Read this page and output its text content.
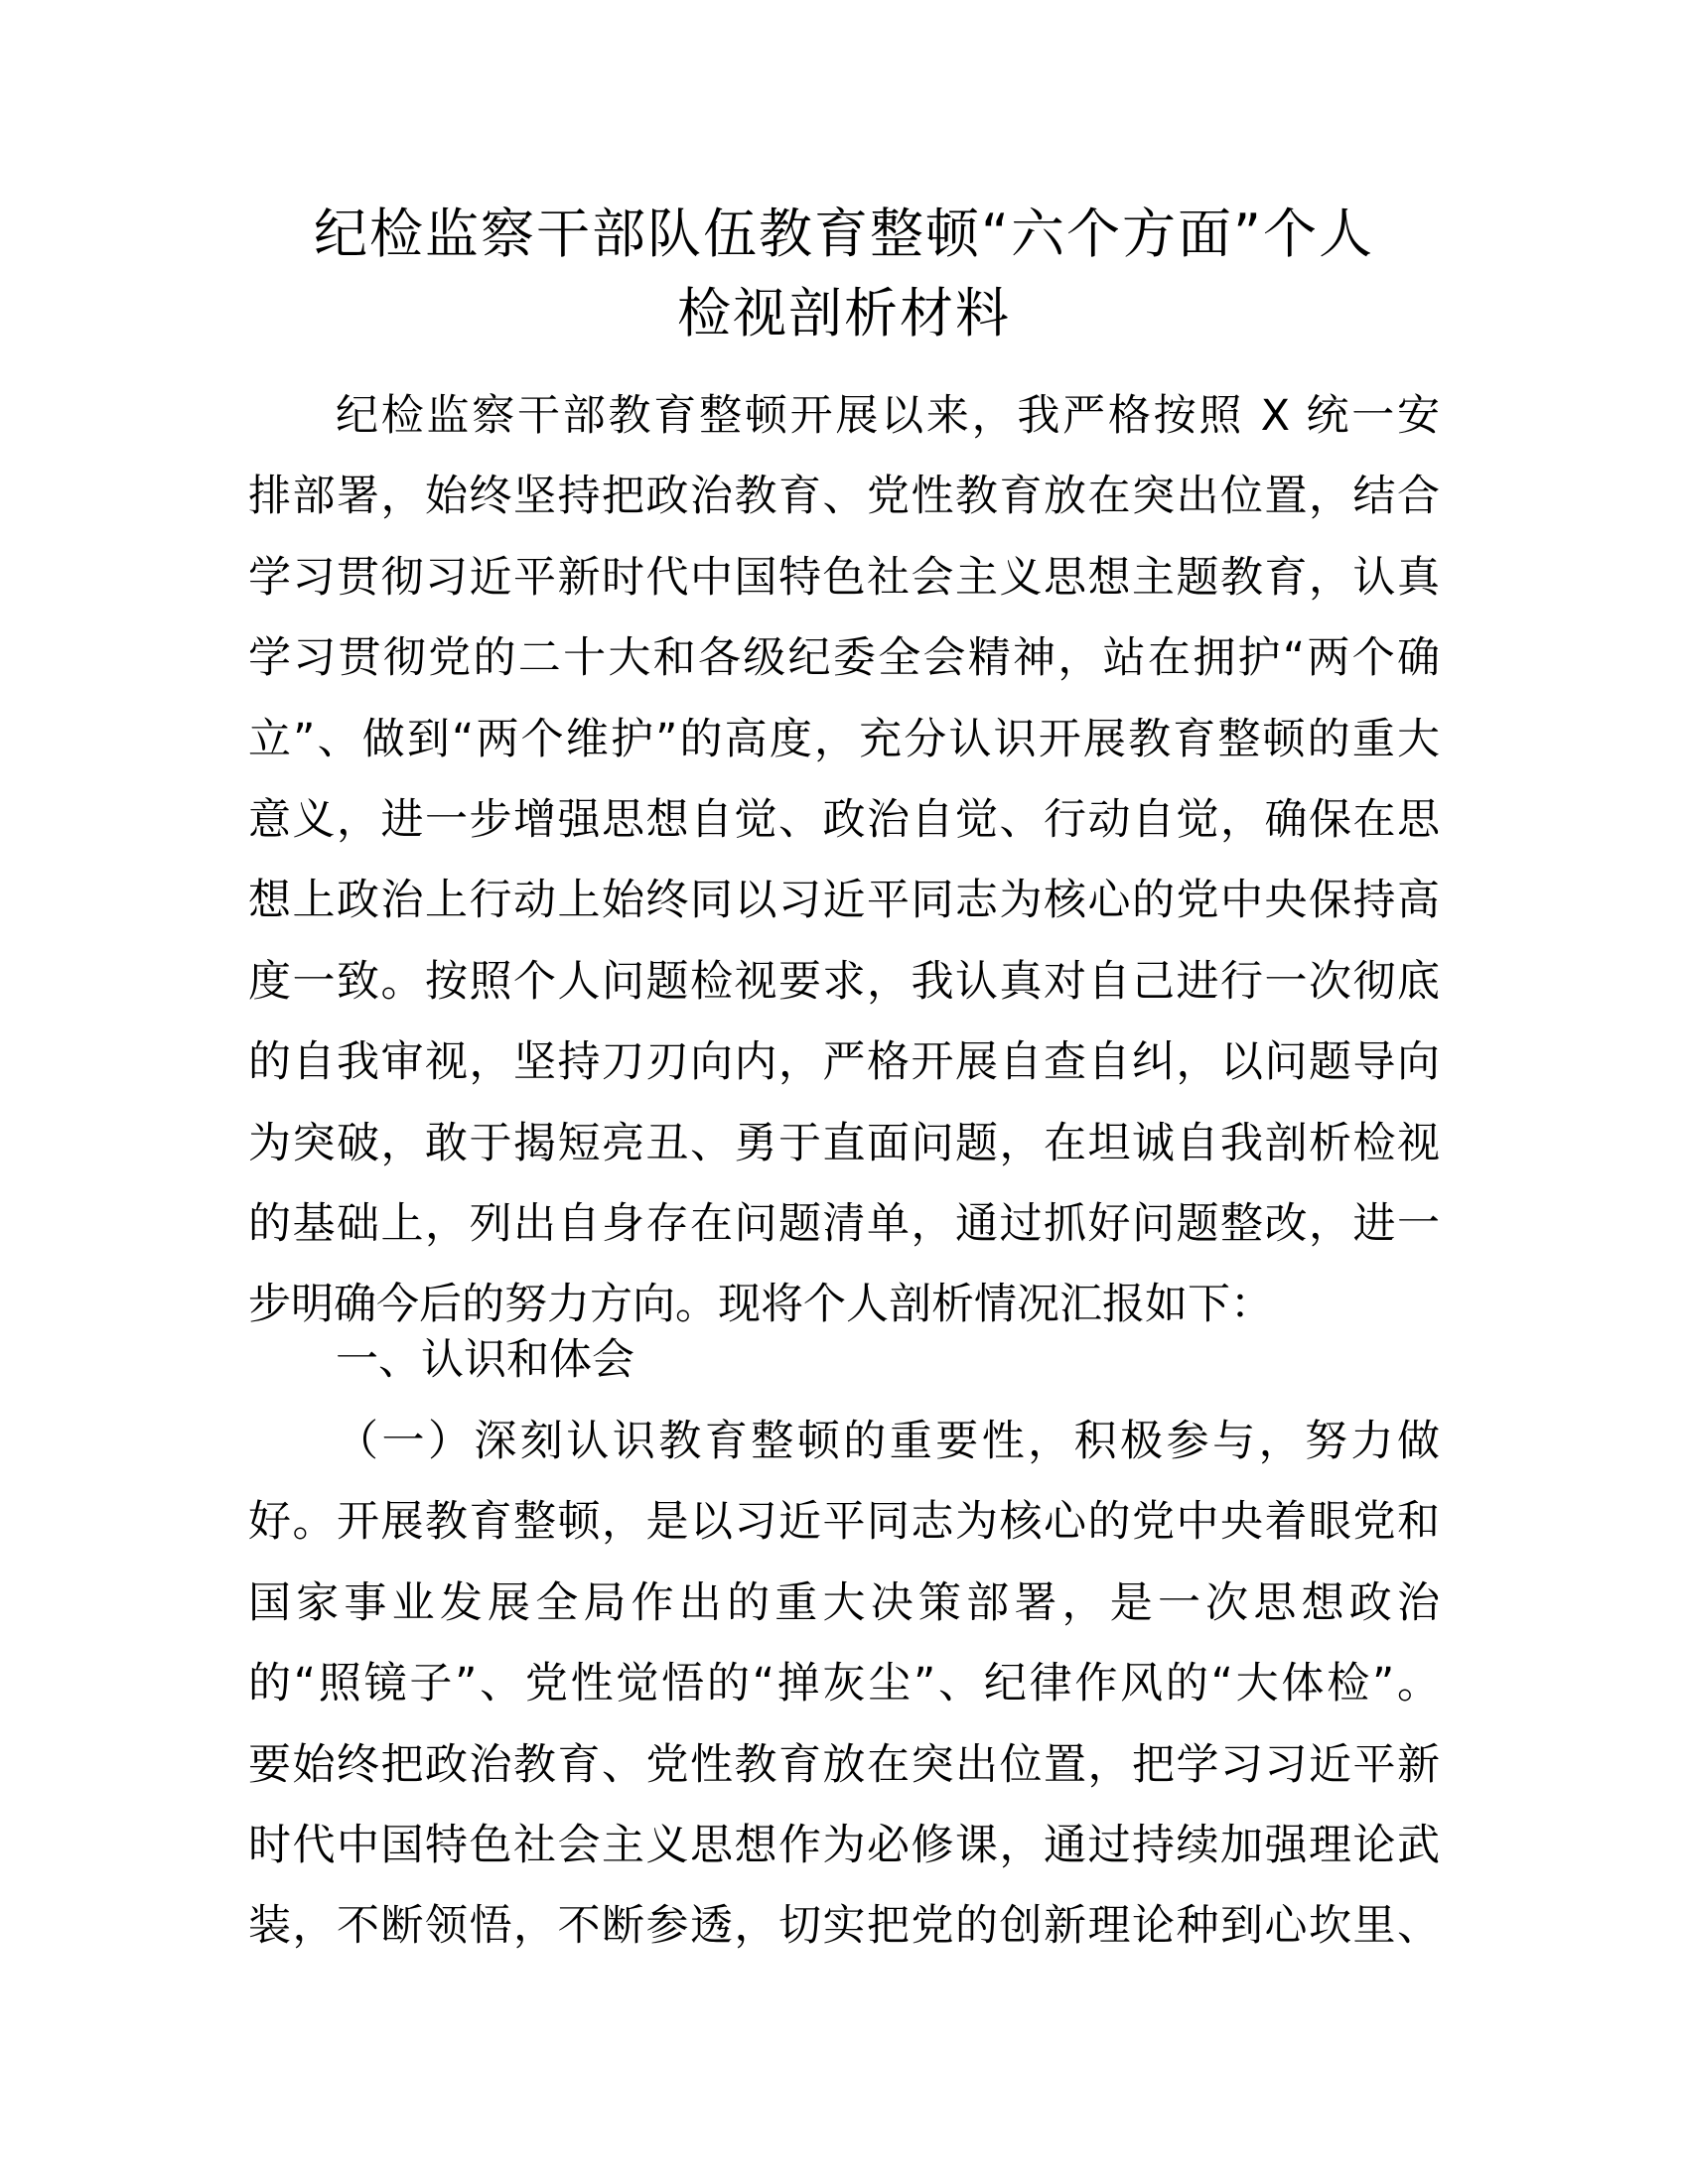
纪检监察干部队伍教育整顿“六个方面”个人
检视剖析材料
纪检监察干部教育整顿开展以来，我严格按照 X 统一安
排部署，始终坚持把政治教育、党性教育放在突出位置，结合
学习贯彻习近平新时代中国特色社会主义思想主题教育，认真
学习贯彻党的二十大和各级纪委全会精神，站在拥护“两个确
立”、做到“两个维护”的高度，充分认识开展教育整顿的重大
意义，进一步增强思想自觉、政治自觉、行动自觉，确保在思
想上政治上行动上始终同以习近平同志为核心的党中央保持高
度一致。按照个人问题检视要求，我认真对自己进行一次彻底
的自我审视，坚持刀刃向内，严格开展自查自纠，以问题导向
为突破，敢于揭短亮丑、勇于直面问题，在坦诚自我剖析检视
的基础上，列出自身存在问题清单，通过抓好问题整改，进一
步明确今后的努力方向。现将个人剖析情况汇报如下：
一、认识和体会
（一）深刻认识教育整顿的重要性，积极参与，努力做
好。开展教育整顿，是以习近平同志为核心的党中央着眼党和
国家事业发展全局作出的重大决策部署，是一次思想政治
的“照镜子”、党性觉悟的“掸灰尘”、纪律作风的“大体检”。
要始终把政治教育、党性教育放在突出位置，把学习习近平新
时代中国特色社会主义思想作为必修课，通过持续加强理论武
装，不断领悟，不断参透，切实把党的创新理论种到心坎里、
